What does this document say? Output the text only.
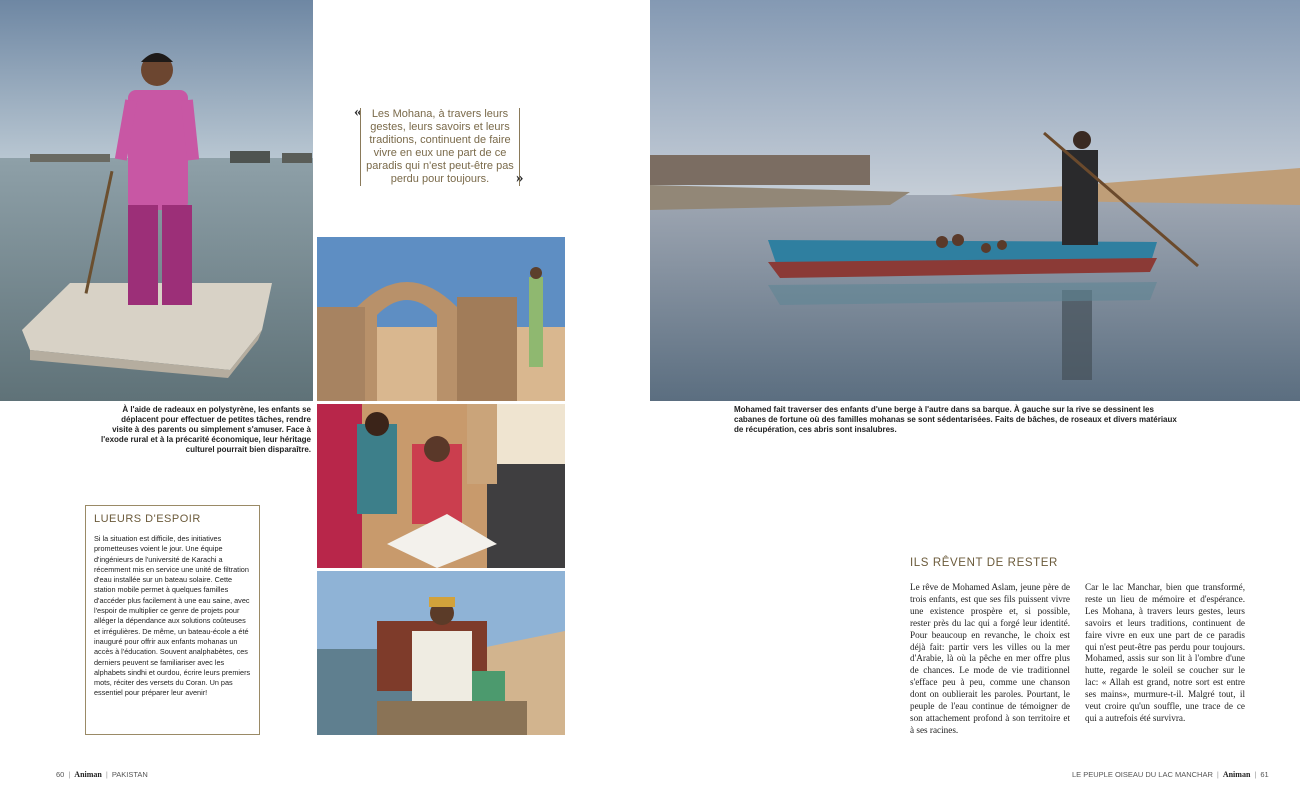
« Les Mohana, à travers leurs gestes, leurs savoirs et leurs traditions, continuent de faire vivre en eux une part de ce paradis qui n'est peut-être pas perdu pour toujours.	»
À l'aide de radeaux en polystyrène, les enfants se déplacent pour effectuer de petites tâches, rendre visite à des parents ou simplement s'amuser. Face à l'exode rural et à la précarité économique, leur héritage culturel pourrait bien disparaître.
Mohamed fait traverser des enfants d'une berge à l'autre dans sa barque. À gauche sur la rive se dessinent les cabanes de fortune où des familles mohanas se sont sédentarisées. Faits de bâches, de roseaux et divers matériaux de récupération, ces abris sont insalubres.
LUEURS D'ESPOIR

Si la situation est difficile, des initiatives prometteuses voient le jour. Une équipe d'ingénieurs de l'université de Karachi a récemment mis en service une unité de filtration d'eau installée sur un bateau solaire. Cette station mobile permet à quelques familles d'accéder plus facilement à une eau saine, avec l'espoir de multiplier ce genre de projets pour alléger la dépendance aux solutions coûteuses et irrégulières. De même, un bateau-école a été inauguré pour offrir aux enfants mohanas un accès à l'éducation. Souvent analphabètes, ces derniers peuvent se familiariser avec les alphabets sindhi et ourdou, écrire leurs premiers mots, réciter des versets du Coran. Un pas essentiel pour préparer leur avenir!

ILS RÊVENT DE RESTER
Le rêve de Mohamed Aslam, jeune père de trois enfants, est que ses fils puissent vivre une existence prospère et, si possible, rester près du lac qui a forgé leur identité. Pour beaucoup en revanche, le choix est déjà fait: partir vers les villes ou la mer d'Arabie, là où la pêche en mer offre plus de chances. Le mode de vie traditionnel s'efface peu à peu, comme une chanson dont on oublierait les paroles. Pourtant, le peuple de l'eau continue de témoigner de son attachement profond à son territoire et à ses racines.
Car le lac Manchar, bien que transformé, reste un lieu de mémoire et d'espérance. Les Mohana, à travers leurs gestes, leurs savoirs et leurs traditions, continuent de faire vivre en eux une part de ce paradis qui n'est peut-être pas perdu pour toujours. Mohamed, assis sur son lit à l'ombre d'une hutte, regarde le soleil se coucher sur le lac: « Allah est grand, notre sort est entre ses mains», murmure-t-il. Malgré tout, il veut croire qu'un souffle, une trace de ce qui a autrefois été survivra.
60 | Animan | PAKISTAN	LE PEUPLE OISEAU DU LAC MANCHAR | Animan | 61
